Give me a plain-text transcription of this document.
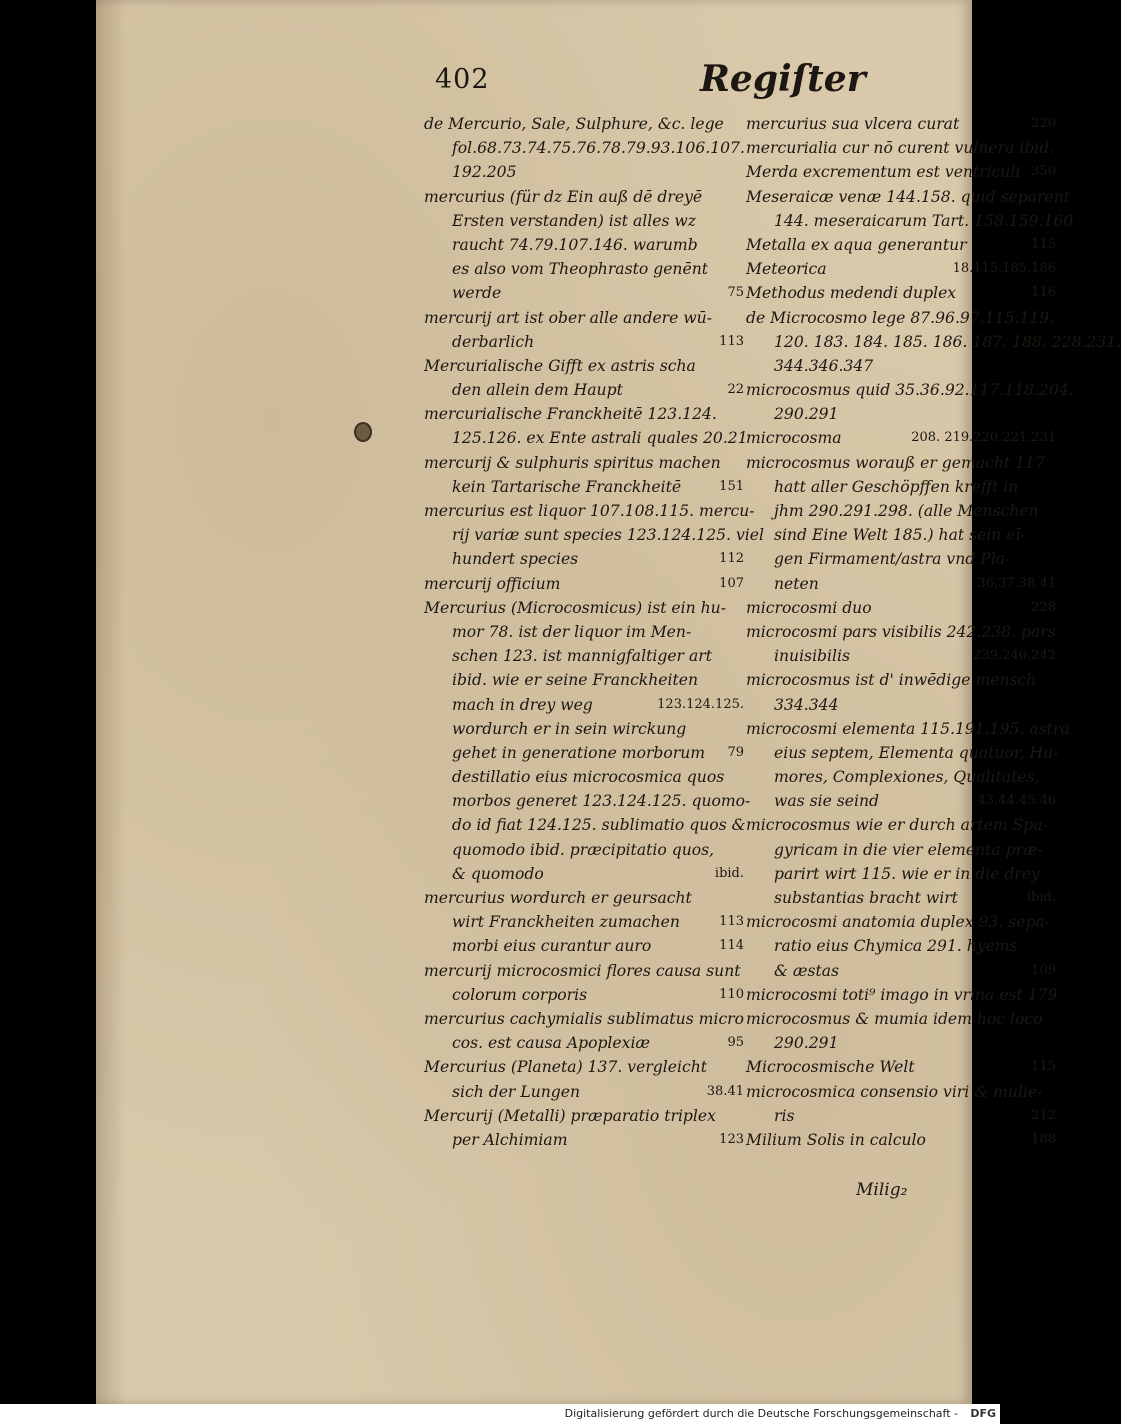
402	Regiſter
de Mercurio, Sale, Sulphure, &c. lege
fol.68.73.74.75.76.78.79.93.106.107.
192.205
mercurius (für dz Ein auß dē dreyē
Ersten verstanden) ist alles wz
raucht 74.79.107.146. warumb
es also vom Theophrasto genēnt
werde	75
mercurij art ist ober alle andere wū-
derbarlich	113
Mercurialische Gifft ex astris scha
den allein dem Haupt	22
mercurialische Franckheitē 123.124.
125.126. ex Ente astrali quales 20.21
mercurij & sulphuris spiritus machen
kein Tartarische Franckheitē	151
mercurius est liquor 107.108.115. mercu-
rij variæ sunt species 123.124.125. viel
hundert species	112
mercurij officium	107
Mercurius (Microcosmicus) ist ein hu-
mor 78. ist der liquor im Men-
schen 123. ist mannigfaltiger art
ibid. wie er seine Franckheiten
mach in drey weg	123.124.125.
wordurch er in sein wirckung
gehet in generatione morborum 79
destillatio eius microcosmica quos
morbos generet 123.124.125. quomo-
do id fiat 124.125. sublimatio quos &
quomodo ibid. præcipitatio quos,
& quomodo	ibid.
mercurius wordurch er geursacht
wirt Franckheiten zumachen	113
morbi eius curantur auro	114
mercurij microcosmici flores causa sunt
colorum corporis	110
mercurius cachymialis sublimatus micro
cos. est causa Apoplexiæ	95
Mercurius (Planeta) 137. vergleicht
sich der Lungen	38.41
Mercurij (Metalli) præparatio triplex
per Alchimiam	123
mercurius sua vlcera curat	220
mercurialia cur nō curent vulnera ibid.
Merda excrementum est ventriculi 350
Meseraicæ venæ 144.158. quid separent
144. meseraicarum Tart. 158.159.160
Metalla ex aqua generantur	115
Meteorica	18.115.185.186
Methodus medendi duplex	116
de Microcosmo lege 87.96.97.115.119.
120. 183. 184. 185. 186. 187. 188. 228.231.
344.346.347
microcosmus quid 35.36.92.117.118.204.
290.291
microcosma	208. 219.220.221.231
microcosmus worauß er gemacht 117
hatt aller Geschöpffen krefft in
jhm 290.291.298. (alle Menschen
sind Eine Welt 185.) hat sein eī-
gen Firmament/astra vnd Pla-
neten	36.37.38.41
microcosmi duo	228
microcosmi pars visibilis 242.238. pars
inuisibilis	239.240.242
microcosmus ist d' inwēdige mensch
334.344
microcosmi elementa 115.191.195. astra
eius septem, Elementa quatuor, Hu-
mores, Complexiones, Qualitates,
was sie seind	43.44.45.46
microcosmus wie er durch artem Spa-
gyricam in die vier elementa præ-
parirt wirt 115. wie er in die drey
substantias bracht wirt	ibid.
microcosmi anatomia duplex 93. sepa-
ratio eius Chymica 291. hyems
& æstas	109
microcosmi toti⁹ imago in vrina est 179
microcosmus & mumia idem hoc loco
290.291
Microcosmische Welt	115
microcosmica consensio viri & mulie-
ris	212
Milium Solis in calculo	188
Milig₂
Digitalisierung gefördert durch die Deutsche Forschungsgemeinschaft - DFG
